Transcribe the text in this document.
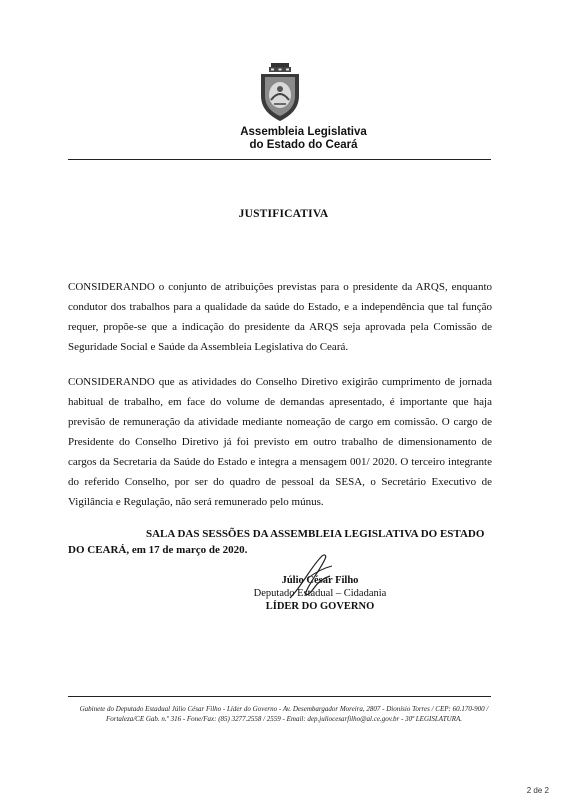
Assembleia Legislativa
do Estado do Ceará
JUSTIFICATIVA

CONSIDERANDO o conjunto de atribuições previstas para o presidente da ARQS, enquanto condutor dos trabalhos para a qualidade da saúde do Estado, e a independência que tal função requer, propõe-se que a indicação do presidente da ARQS seja aprovada pela Comissão de Seguridade Social e Saúde da Assembleia Legislativa do Ceará.

CONSIDERANDO que as atividades do Conselho Diretivo exigirão cumprimento de jornada habitual de trabalho, em face do volume de demandas apresentado, é importante que haja previsão de remuneração da atividade mediante nomeação de cargo em comissão. O cargo de Presidente do Conselho Diretivo já foi previsto em outro trabalho de dimensionamento de cargos da Secretaria da Saúde do Estado e integra a mensagem 001/ 2020. O terceiro integrante do referido Conselho, por ser do quadro de pessoal da SESA, o Secretário Executivo de Vigilância e Regulação, não será remunerado pelo múnus.

SALA DAS SESSÕES DA ASSEMBLEIA LEGISLATIVA DO ESTADO DO CEARÁ, em 17 de março de 2020.

Júlio César Filho
Deputado Estadual – Cidadania
LÍDER DO GOVERNO
Gabinete do Deputado Estadual Júlio César Filho - Líder do Governo - Av. Desembargador Moreira, 2807 - Dionísio Torres / CEP: 60.170-900 /
Fortaleza/CE Gab. n.º 316 - Fone/Fax: (85) 3277.2558 / 2559 - Email: dep.juliocesarfilho@al.ce.gov.br - 30ª LEGISLATURA.
2 de 2
